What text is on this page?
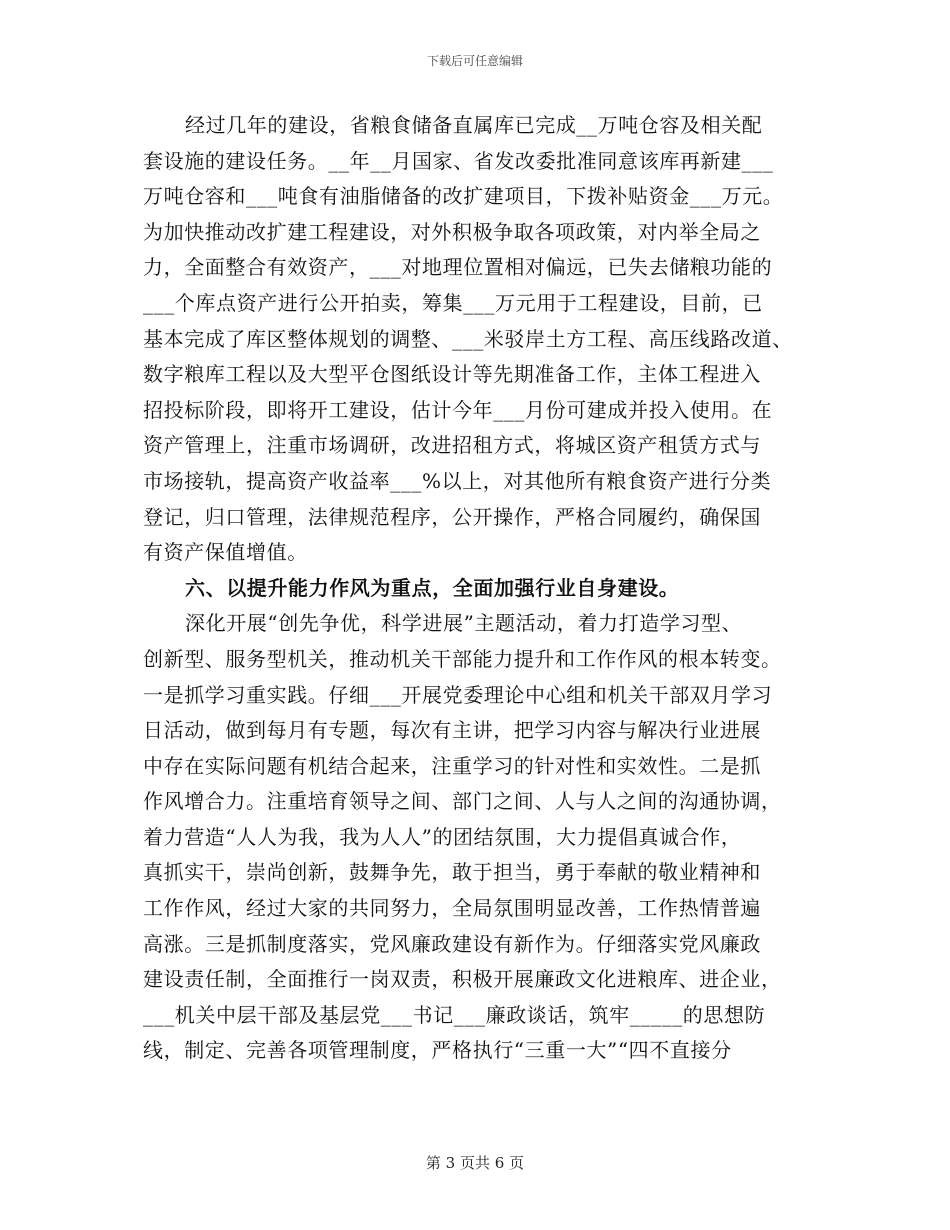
下载后可任意编辑
经过几年的建设，省粮食储备直属库已完成__万吨仓容及相关配
套设施的建设任务。__年__月国家、省发改委批准同意该库再新建___
万吨仓容和___吨食有油脂储备的改扩建项目，下拨补贴资金___万元。
为加快推动改扩建工程建设，对外积极争取各项政策，对内举全局之
力，全面整合有效资产，___对地理位置相对偏远，已失去储粮功能的
___个库点资产进行公开拍卖，筹集___万元用于工程建设，目前，已
基本完成了库区整体规划的调整、___米驳岸土方工程、高压线路改道、
数字粮库工程以及大型平仓图纸设计等先期准备工作，主体工程进入
招投标阶段，即将开工建设，估计今年___月份可建成并投入使用。在
资产管理上，注重市场调研，改进招租方式，将城区资产租赁方式与
市场接轨，提高资产收益率___%以上，对其他所有粮食资产进行分类
登记，归口管理，法律规范程序，公开操作，严格合同履约，确保国
有资产保值增值。
六、以提升能力作风为重点，全面加强行业自身建设。
深化开展“创先争优，科学进展”主题活动，着力打造学习型、
创新型、服务型机关，推动机关干部能力提升和工作作风的根本转变。
一是抓学习重实践。仔细___开展党委理论中心组和机关干部双月学习
日活动，做到每月有专题，每次有主讲，把学习内容与解决行业进展
中存在实际问题有机结合起来，注重学习的针对性和实效性。二是抓
作风增合力。注重培育领导之间、部门之间、人与人之间的沟通协调，
着力营造“人人为我，我为人人”的团结氛围，大力提倡真诚合作，
真抓实干，崇尚创新，鼓舞争先，敢于担当，勇于奉献的敬业精神和
工作作风，经过大家的共同努力，全局氛围明显改善，工作热情普遍
高涨。三是抓制度落实，党风廉政建设有新作为。仔细落实党风廉政
建设责任制，全面推行一岗双责，积极开展廉政文化进粮库、进企业，
___机关中层干部及基层党___书记___廉政谈话，筑牢_____的思想防
线，制定、完善各项管理制度，严格执行“三重一大”“四不直接分
第 3 页共 6 页
